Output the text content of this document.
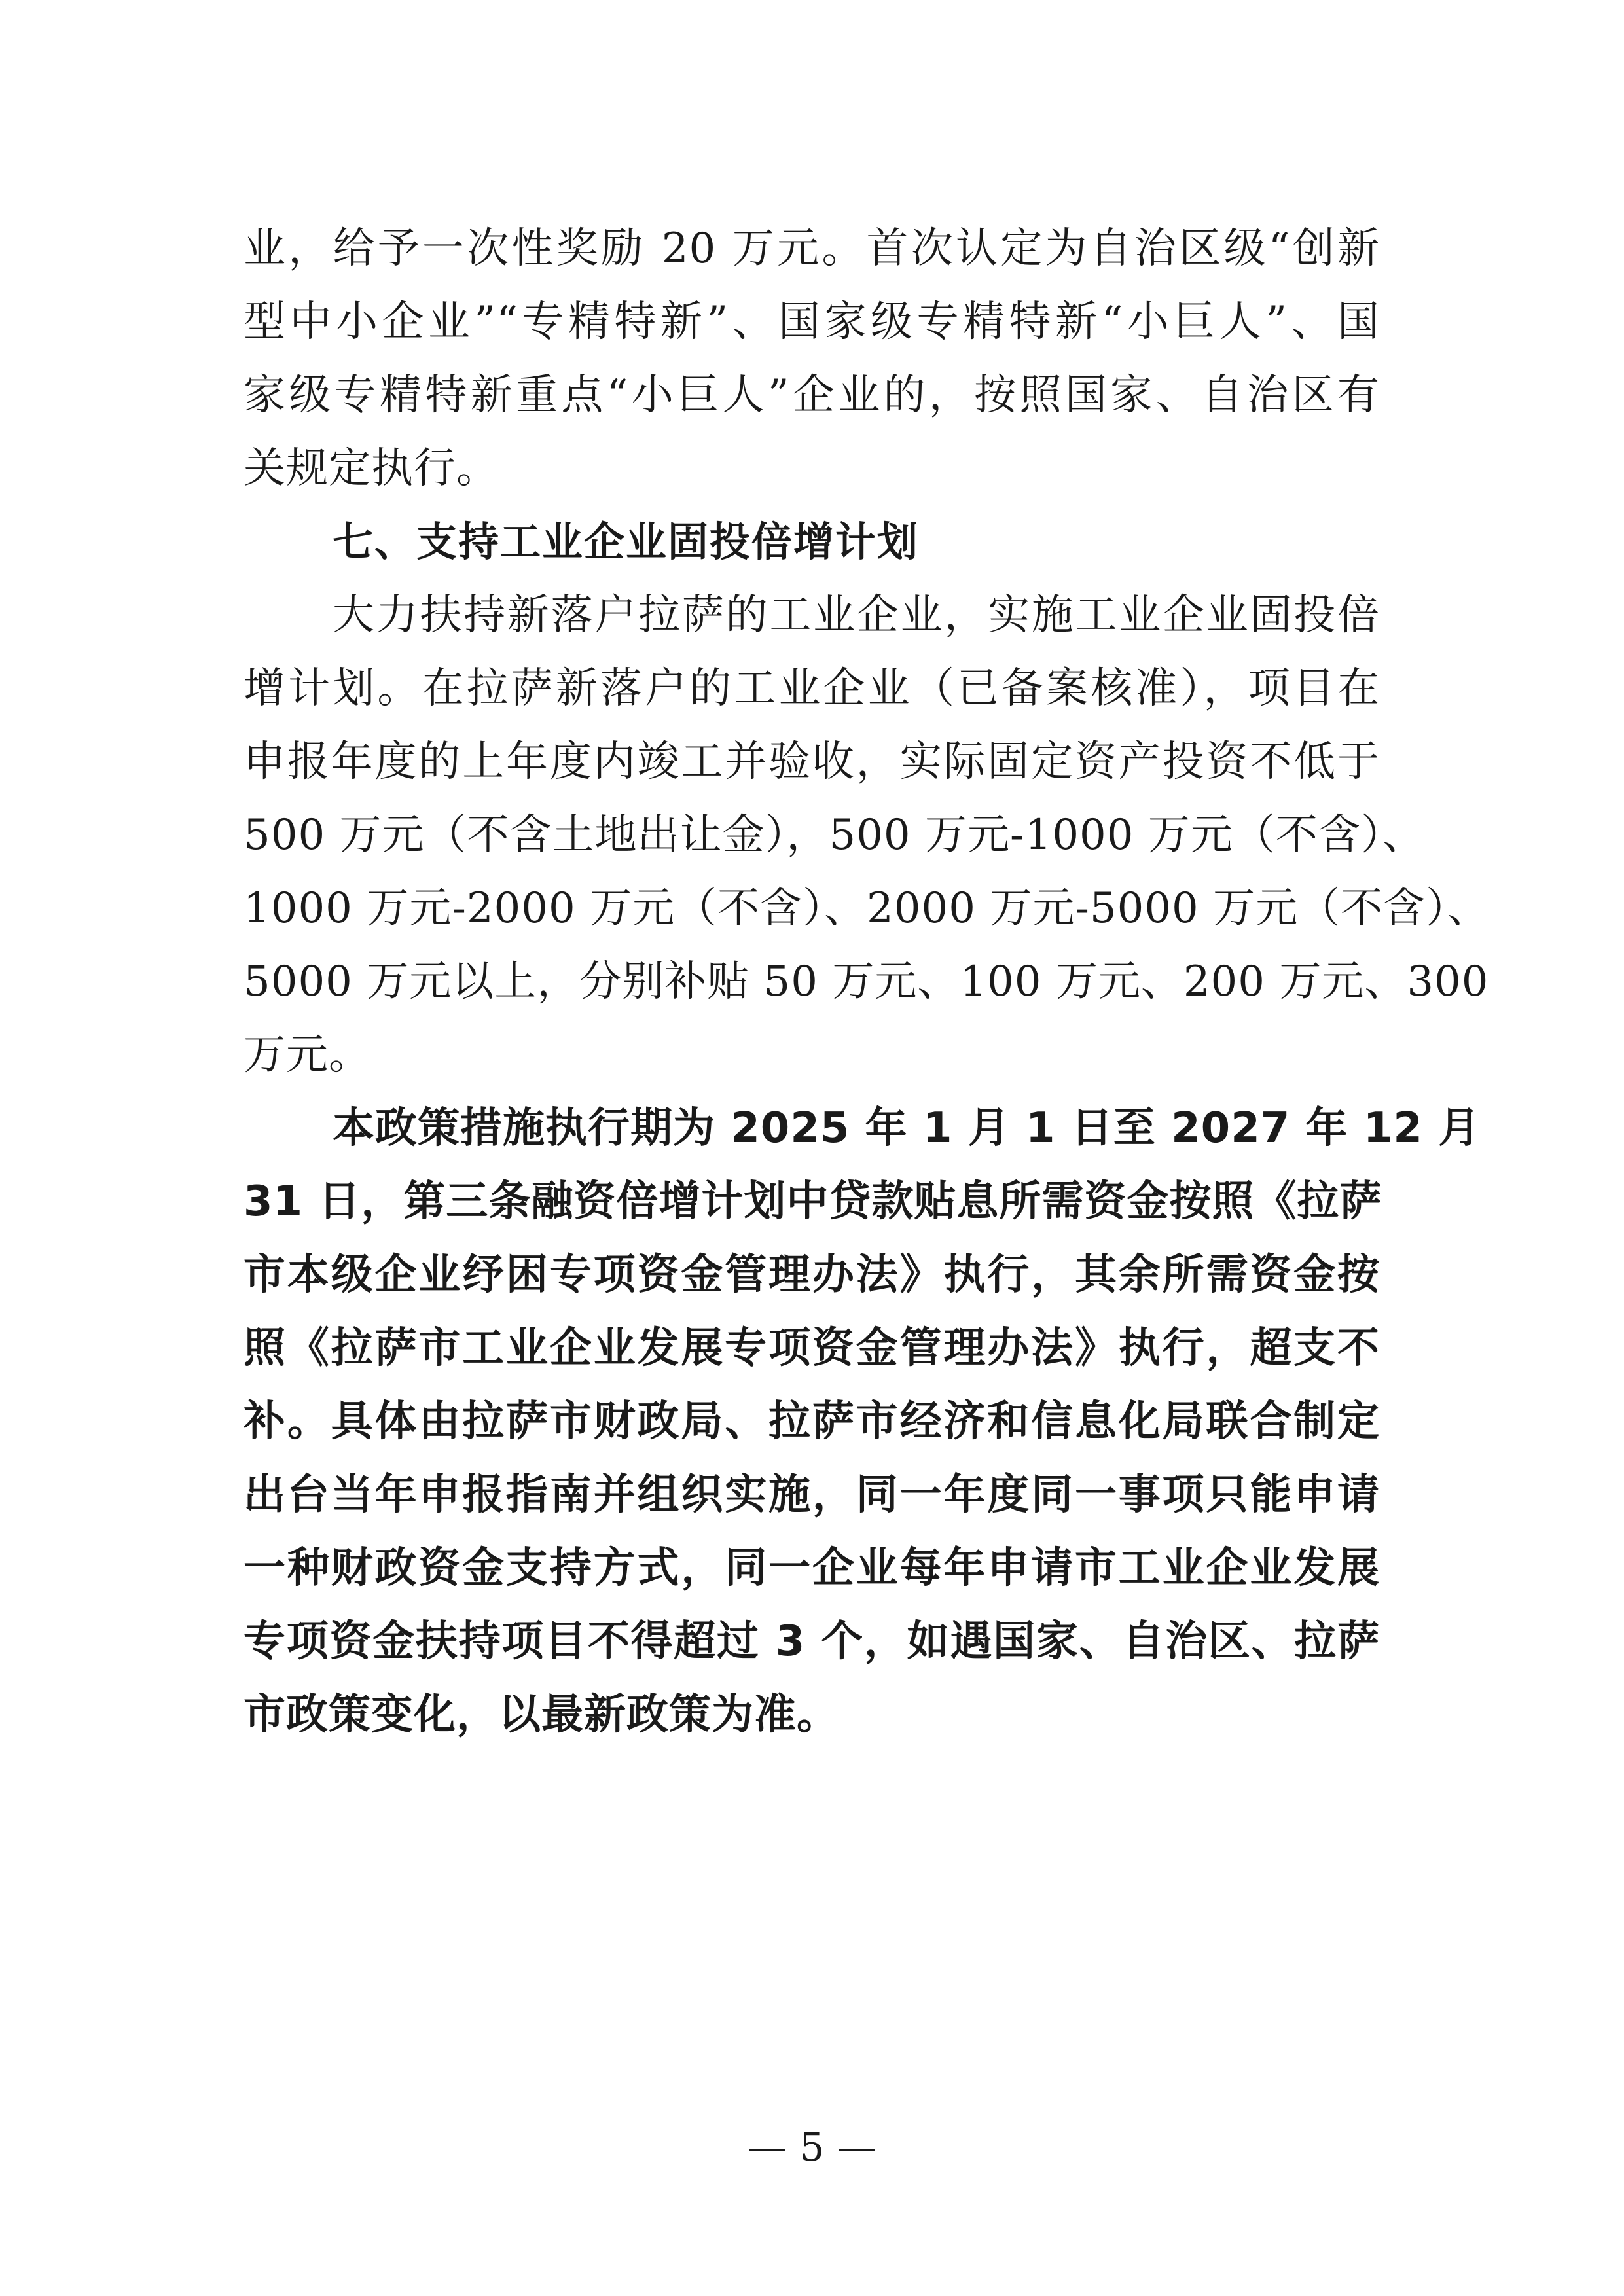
业，给予一次性奖励 20 万元。首次认定为自治区级“创新
型中小企业”“专精特新”、国家级专精特新“小巨人”、国
家级专精特新重点“小巨人”企业的，按照国家、自治区有
关规定执行。
七、支持工业企业固投倍增计划
大力扶持新落户拉萨的工业企业，实施工业企业固投倍
增计划。在拉萨新落户的工业企业（已备案核准），项目在
申报年度的上年度内竣工并验收，实际固定资产投资不低于
500 万元（不含土地出让金），500 万元-1000 万元（不含）、
1000 万元-2000 万元（不含）、2000 万元-5000 万元（不含）、
5000 万元以上，分别补贴 50 万元、100 万元、200 万元、300
万元。
本政策措施执行期为 2025 年 1 月 1 日至 2027 年 12 月
31 日，第三条融资倍增计划中贷款贴息所需资金按照《拉萨
市本级企业纾困专项资金管理办法》执行，其余所需资金按
照《拉萨市工业企业发展专项资金管理办法》执行，超支不
补。具体由拉萨市财政局、拉萨市经济和信息化局联合制定
出台当年申报指南并组织实施，同一年度同一事项只能申请
一种财政资金支持方式，同一企业每年申请市工业企业发展
专项资金扶持项目不得超过 3 个，如遇国家、自治区、拉萨
市政策变化，以最新政策为准。
— 5 —
